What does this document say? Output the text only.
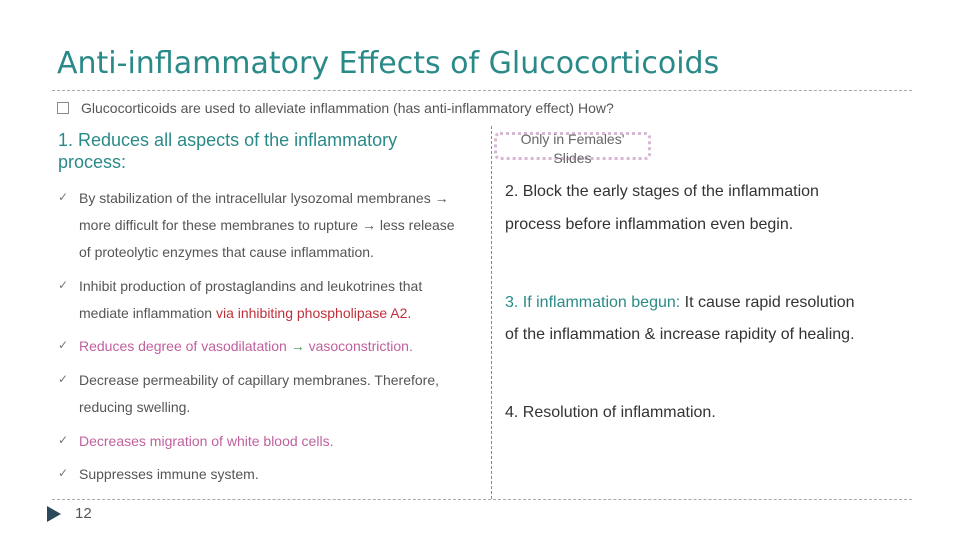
Anti-inflammatory Effects of Glucocorticoids
Glucocorticoids are used to alleviate inflammation (has anti-inflammatory effect) How?
1. Reduces all aspects of the inflammatory
process:
✓ By stabilization of the intracellular lysozomal membranes →
more difficult for these membranes to rupture → less release
of proteolytic enzymes that cause inflammation.
✓ Inhibit production of prostaglandins and leukotrines that
mediate inflammation via inhibiting phospholipase A2.
✓ Reduces degree of vasodilatation → vasoconstriction.
✓ Decrease permeability of capillary membranes. Therefore,
reducing swelling.
✓ Decreases migration of white blood cells.
✓ Suppresses immune system.
Only in Females'
Slides
2. Block the early stages of the inflammation
process before inflammation even begin.
3. If inflammation begun: It cause rapid resolution
of the inflammation & increase rapidity of healing.
4. Resolution of inflammation.
12
